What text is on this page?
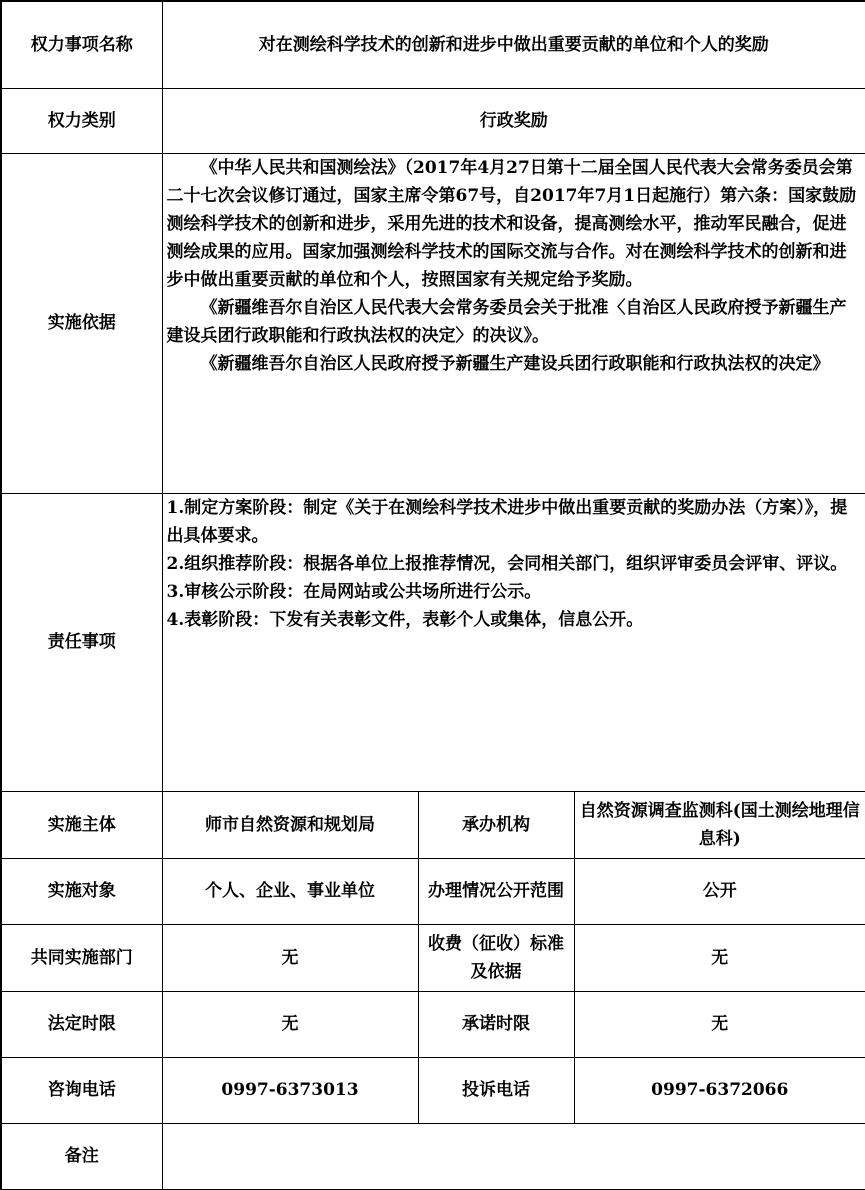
权力事项名称	对在测绘科学技术的创新和进步中做出重要贡献的单位和个人的奖励		
权力类别	行政奖励		
实施依据	《中华人民共和国测绘法》（2017年4月27日第十二届全国人民代表大会常务委员会第二十七次会议修订通过，国家主席令第67号，自2017年7月1日起施行）第六条：国家鼓励测绘科学技术的创新和进步，采用先进的技术和设备，提高测绘水平，推动军民融合，促进测绘成果的应用。国家加强测绘科学技术的国际交流与合作。对在测绘科学技术的创新和进步中做出重要贡献的单位和个人，按照国家有关规定给予奖励。
《新疆维吾尔自治区人民代表大会常务委员会关于批准〈自治区人民政府授予新疆生产建设兵团行政职能和行政执法权的决定〉的决议》。
《新疆维吾尔自治区人民政府授予新疆生产建设兵团行政职能和行政执法权的决定》		

责任事项	1.制定方案阶段：制定《关于在测绘科学技术进步中做出重要贡献的奖励办法（方案）》，提出具体要求。
2.组织推荐阶段：根据各单位上报推荐情况，会同相关部门，组织评审委员会评审、评议。
3.审核公示阶段：在局网站或公共场所进行公示。
4.表彰阶段：下发有关表彰文件，表彰个人或集体，信息公开。		

实施主体	师市自然资源和规划局	承办机构	自然资源调查监测科(国土测绘地理信息科)
实施对象	个人、企业、事业单位	办理情况公开范围	公开
共同实施部门	无	收费（征收）标准及依据	无
法定时限	无	承诺时限	无
咨询电话	0997-6373013	投诉电话	0997-6372066
备注			
